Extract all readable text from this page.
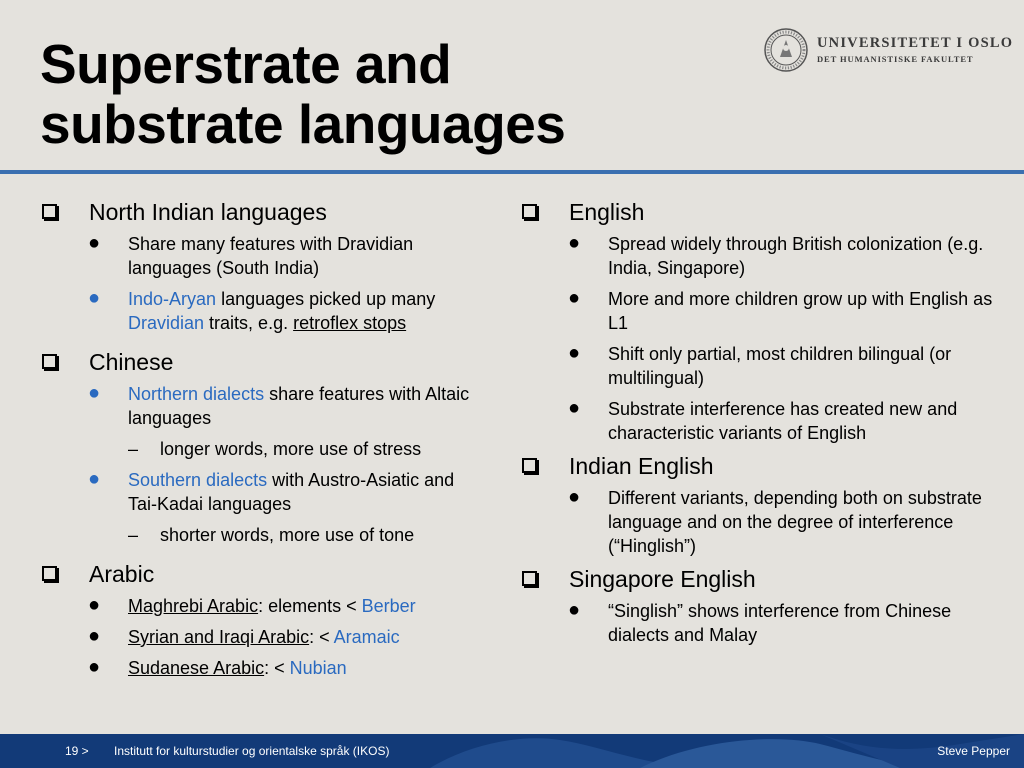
Superstrate and
substrate languages
UNIVERSITETET I OSLO
DET HUMANISTISKE FAKULTET
North Indian languages
● Share many features with Dravidian languages (South India)
● Indo-Aryan languages picked up many Dravidian traits, e.g. retroflex stops
Chinese
● Northern dialects share features with Altaic languages
– longer words, more use of stress
● Southern dialects with Austro-Asiatic and Tai-Kadai languages
– shorter words, more use of tone
Arabic
● Maghrebi Arabic: elements < Berber
● Syrian and Iraqi Arabic: < Aramaic
● Sudanese Arabic: < Nubian
English
● Spread widely through British colonization (e.g. India, Singapore)
● More and more children grow up with English as L1
● Shift only partial, most children bilingual (or multilingual)
● Substrate interference has created new and characteristic variants of English
Indian English
● Different variants, depending both on substrate language and on the degree of interference (“Hinglish”)
Singapore English
● “Singlish” shows interference from Chinese dialects and Malay
19 > Institutt for kulturstudier og orientalske språk (IKOS)	Steve Pepper
